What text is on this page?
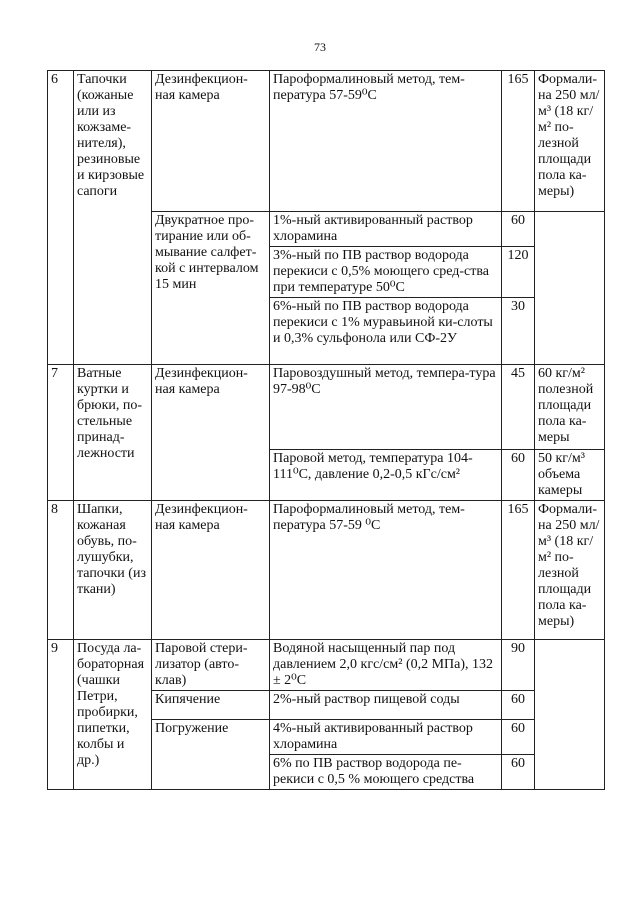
73
6	Тапочки (кожаные или из кожзаме-нителя), резиновые и кирзовые сапоги	Дезинфекцион-ная камера	Пароформалиновый метод, тем-пература 57-59⁰С	165	Формали-на 250 мл/м³ (18 кг/м² по-лезной площади пола ка-меры)
		Двукратное про-тирание или об-мывание салфет-кой с интервалом 15 мин	1%-ный активированный раствор хлорамина	60	
			3%-ный по ПВ раствор водорода перекиси с 0,5% моющего сред-ства при температуре 50⁰С	120	
			6%-ный по ПВ раствор водорода перекиси с 1% муравьиной ки-слоты и 0,3% сульфонола или СФ-2У	30	
7	Ватные куртки и брюки, по-стельные принад-лежности	Дезинфекцион-ная камера	Паровоздушный метод, темпера-тура 97-98⁰С	45	60 кг/м² полезной площади пола ка-меры
			Паровой метод, температура 104-111⁰С, давление 0,2-0,5 кГс/см²	60	50 кг/м³ объема камеры
8	Шапки, кожаная обувь, по-лушубки, тапочки (из ткани)	Дезинфекцион-ная камера	Пароформалиновый метод, тем-пература 57-59 ⁰С	165	Формали-на 250 мл/м³ (18 кг/м² по-лезной площади пола ка-меры)
9	Посуда ла-бораторная (чашки Петри, пробирки, пипетки, колбы и др.)	Паровой стери-лизатор (авто-клав)	Водяной насыщенный пар под давлением 2,0 кгс/см² (0,2 МПа), 132 ± 2⁰С	90	
		Кипячение	2%-ный раствор пищевой соды	60	
		Погружение	4%-ный активированный раствор хлорамина	60	
			6% по ПВ раствор водорода пе-рекиси с 0,5 % моющего средства	60	
